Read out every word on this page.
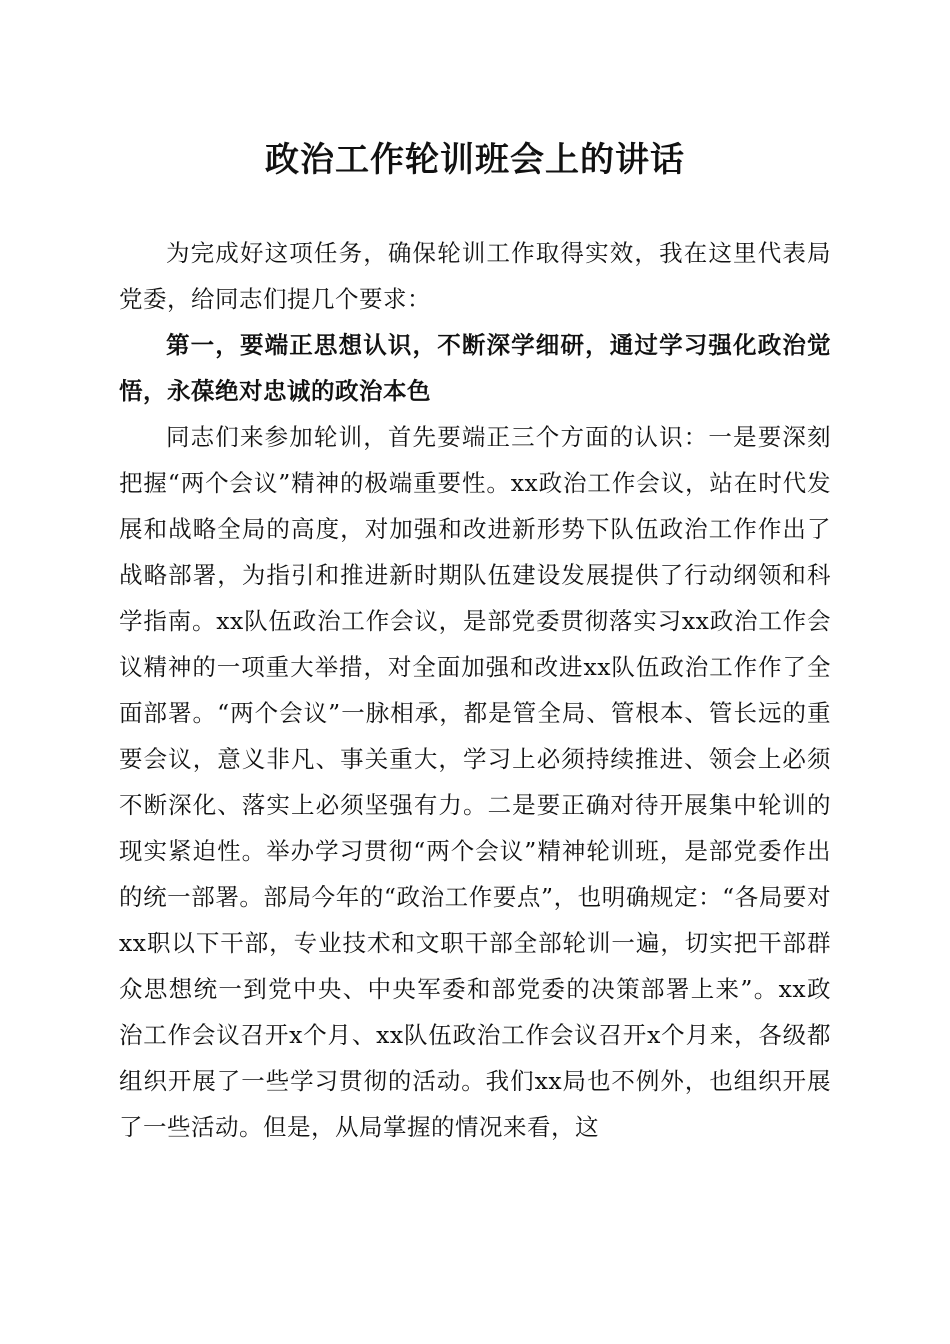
政治工作轮训班会上的讲话

为完成好这项任务，确保轮训工作取得实效，我在这里代表局党委，给同志们提几个要求：

第一，要端正思想认识，不断深学细研，通过学习强化政治觉悟，永葆绝对忠诚的政治本色

同志们来参加轮训，首先要端正三个方面的认识：一是要深刻把握“两个会议”精神的极端重要性。xx政治工作会议，站在时代发展和战略全局的高度，对加强和改进新形势下队伍政治工作作出了战略部署，为指引和推进新时期队伍建设发展提供了行动纲领和科学指南。xx队伍政治工作会议，是部党委贯彻落实习xx政治工作会议精神的一项重大举措，对全面加强和改进xx队伍政治工作作了全面部署。“两个会议”一脉相承，都是管全局、管根本、管长远的重要会议，意义非凡、事关重大，学习上必须持续推进、领会上必须不断深化、落实上必须坚强有力。二是要正确对待开展集中轮训的现实紧迫性。举办学习贯彻“两个会议”精神轮训班，是部党委作出的统一部署。部局今年的“政治工作要点”，也明确规定：“各局要对xx职以下干部，专业技术和文职干部全部轮训一遍，切实把干部群众思想统一到党中央、中央军委和部党委的决策部署上来”。xx政治工作会议召开x个月、xx队伍政治工作会议召开x个月来，各级都组织开展了一些学习贯彻的活动。我们xx局也不例外，也组织开展了一些活动。但是，从局掌握的情况来看，这
